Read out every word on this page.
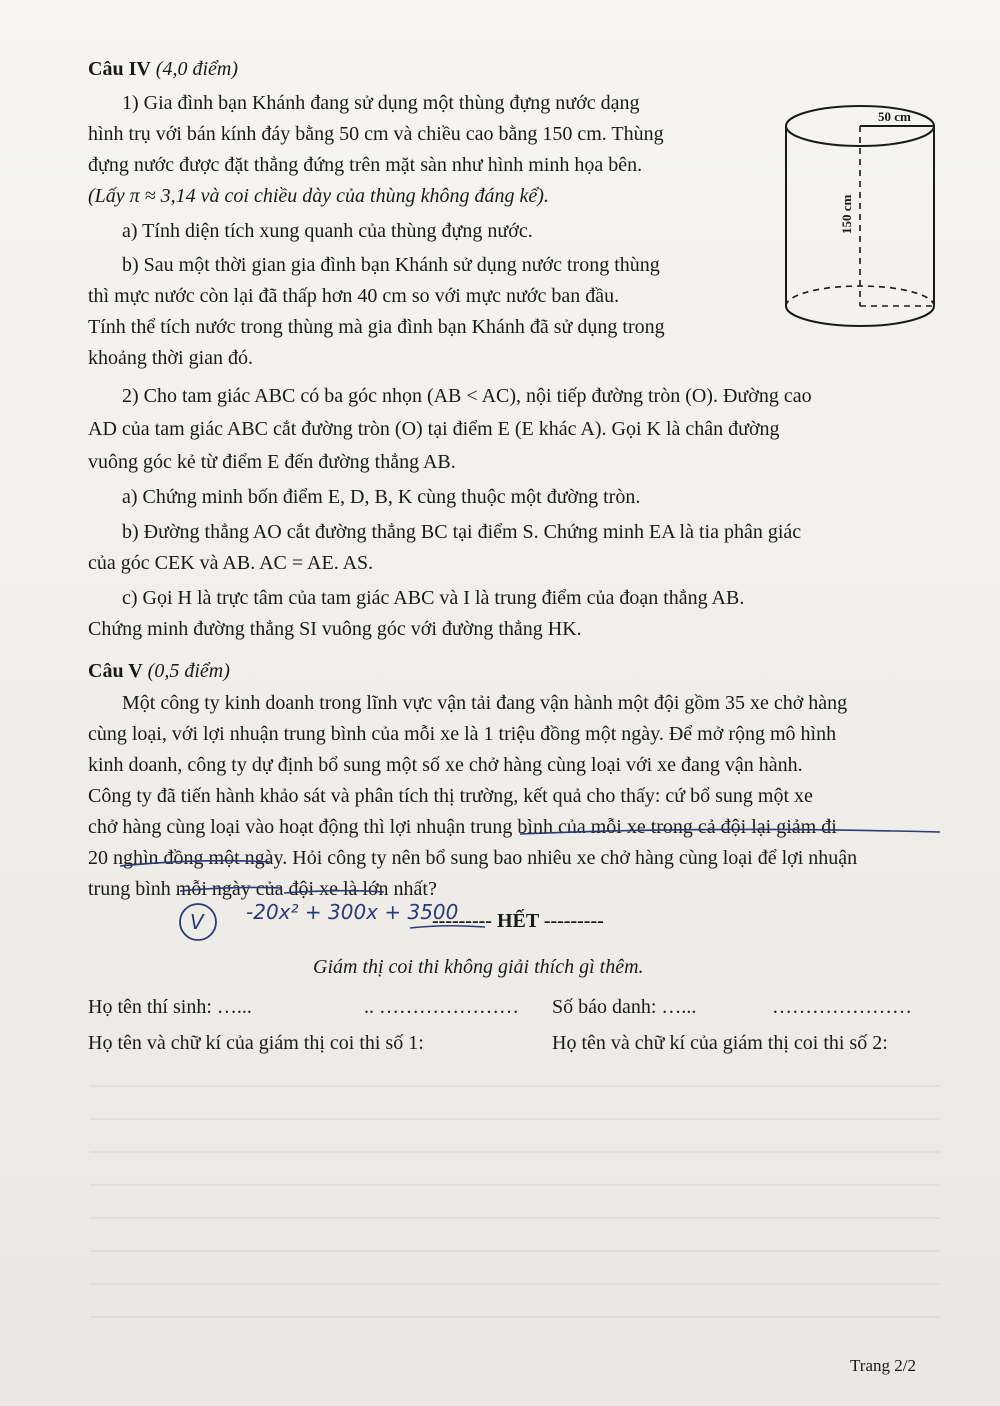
Câu IV (4,0 điểm)
1) Gia đình bạn Khánh đang sử dụng một thùng đựng nước dạng
hình trụ với bán kính đáy bằng 50 cm và chiều cao bằng 150 cm. Thùng
đựng nước được đặt thẳng đứng trên mặt sàn như hình minh họa bên.
(Lấy π ≈ 3,14 và coi chiều dày của thùng không đáng kể).
a) Tính diện tích xung quanh của thùng đựng nước.
b) Sau một thời gian gia đình bạn Khánh sử dụng nước trong thùng
thì mực nước còn lại đã thấp hơn 40 cm so với mực nước ban đầu.
Tính thể tích nước trong thùng mà gia đình bạn Khánh đã sử dụng trong
khoảng thời gian đó.
50 cm
150 cm
2) Cho tam giác ABC có ba góc nhọn (AB < AC), nội tiếp đường tròn (O). Đường cao
AD của tam giác ABC cắt đường tròn (O) tại điểm E (E khác A). Gọi K là chân đường
vuông góc kẻ từ điểm E đến đường thẳng AB.
a) Chứng minh bốn điểm E, D, B, K cùng thuộc một đường tròn.
b) Đường thẳng AO cắt đường thẳng BC tại điểm S. Chứng minh EA là tia phân giác
của góc CEK và AB. AC = AE. AS.
c) Gọi H là trực tâm của tam giác ABC và I là trung điểm của đoạn thẳng AB.
Chứng minh đường thẳng SI vuông góc với đường thẳng HK.
Câu V (0,5 điểm)
Một công ty kinh doanh trong lĩnh vực vận tải đang vận hành một đội gồm 35 xe chở hàng
cùng loại, với lợi nhuận trung bình của mỗi xe là 1 triệu đồng một ngày. Để mở rộng mô hình
kinh doanh, công ty dự định bổ sung một số xe chở hàng cùng loại với xe đang vận hành.
Công ty đã tiến hành khảo sát và phân tích thị trường, kết quả cho thấy: cứ bổ sung một xe
chở hàng cùng loại vào hoạt động thì lợi nhuận trung bình của mỗi xe trong cả đội lại giảm đi
20 nghìn đồng một ngày. Hỏi công ty nên bổ sung bao nhiêu xe chở hàng cùng loại để lợi nhuận
trung bình mỗi ngày của đội xe là lớn nhất?
V -20x² + 300x + 3500
--------- HẾT ---------
Giám thị coi thi không giải thích gì thêm.
Họ tên thí sinh: …...	.. ………………… Số báo danh: …...	…………………
Họ tên và chữ kí của giám thị coi thi số 1:	Họ tên và chữ kí của giám thị coi thi số 2:
Trang 2/2
